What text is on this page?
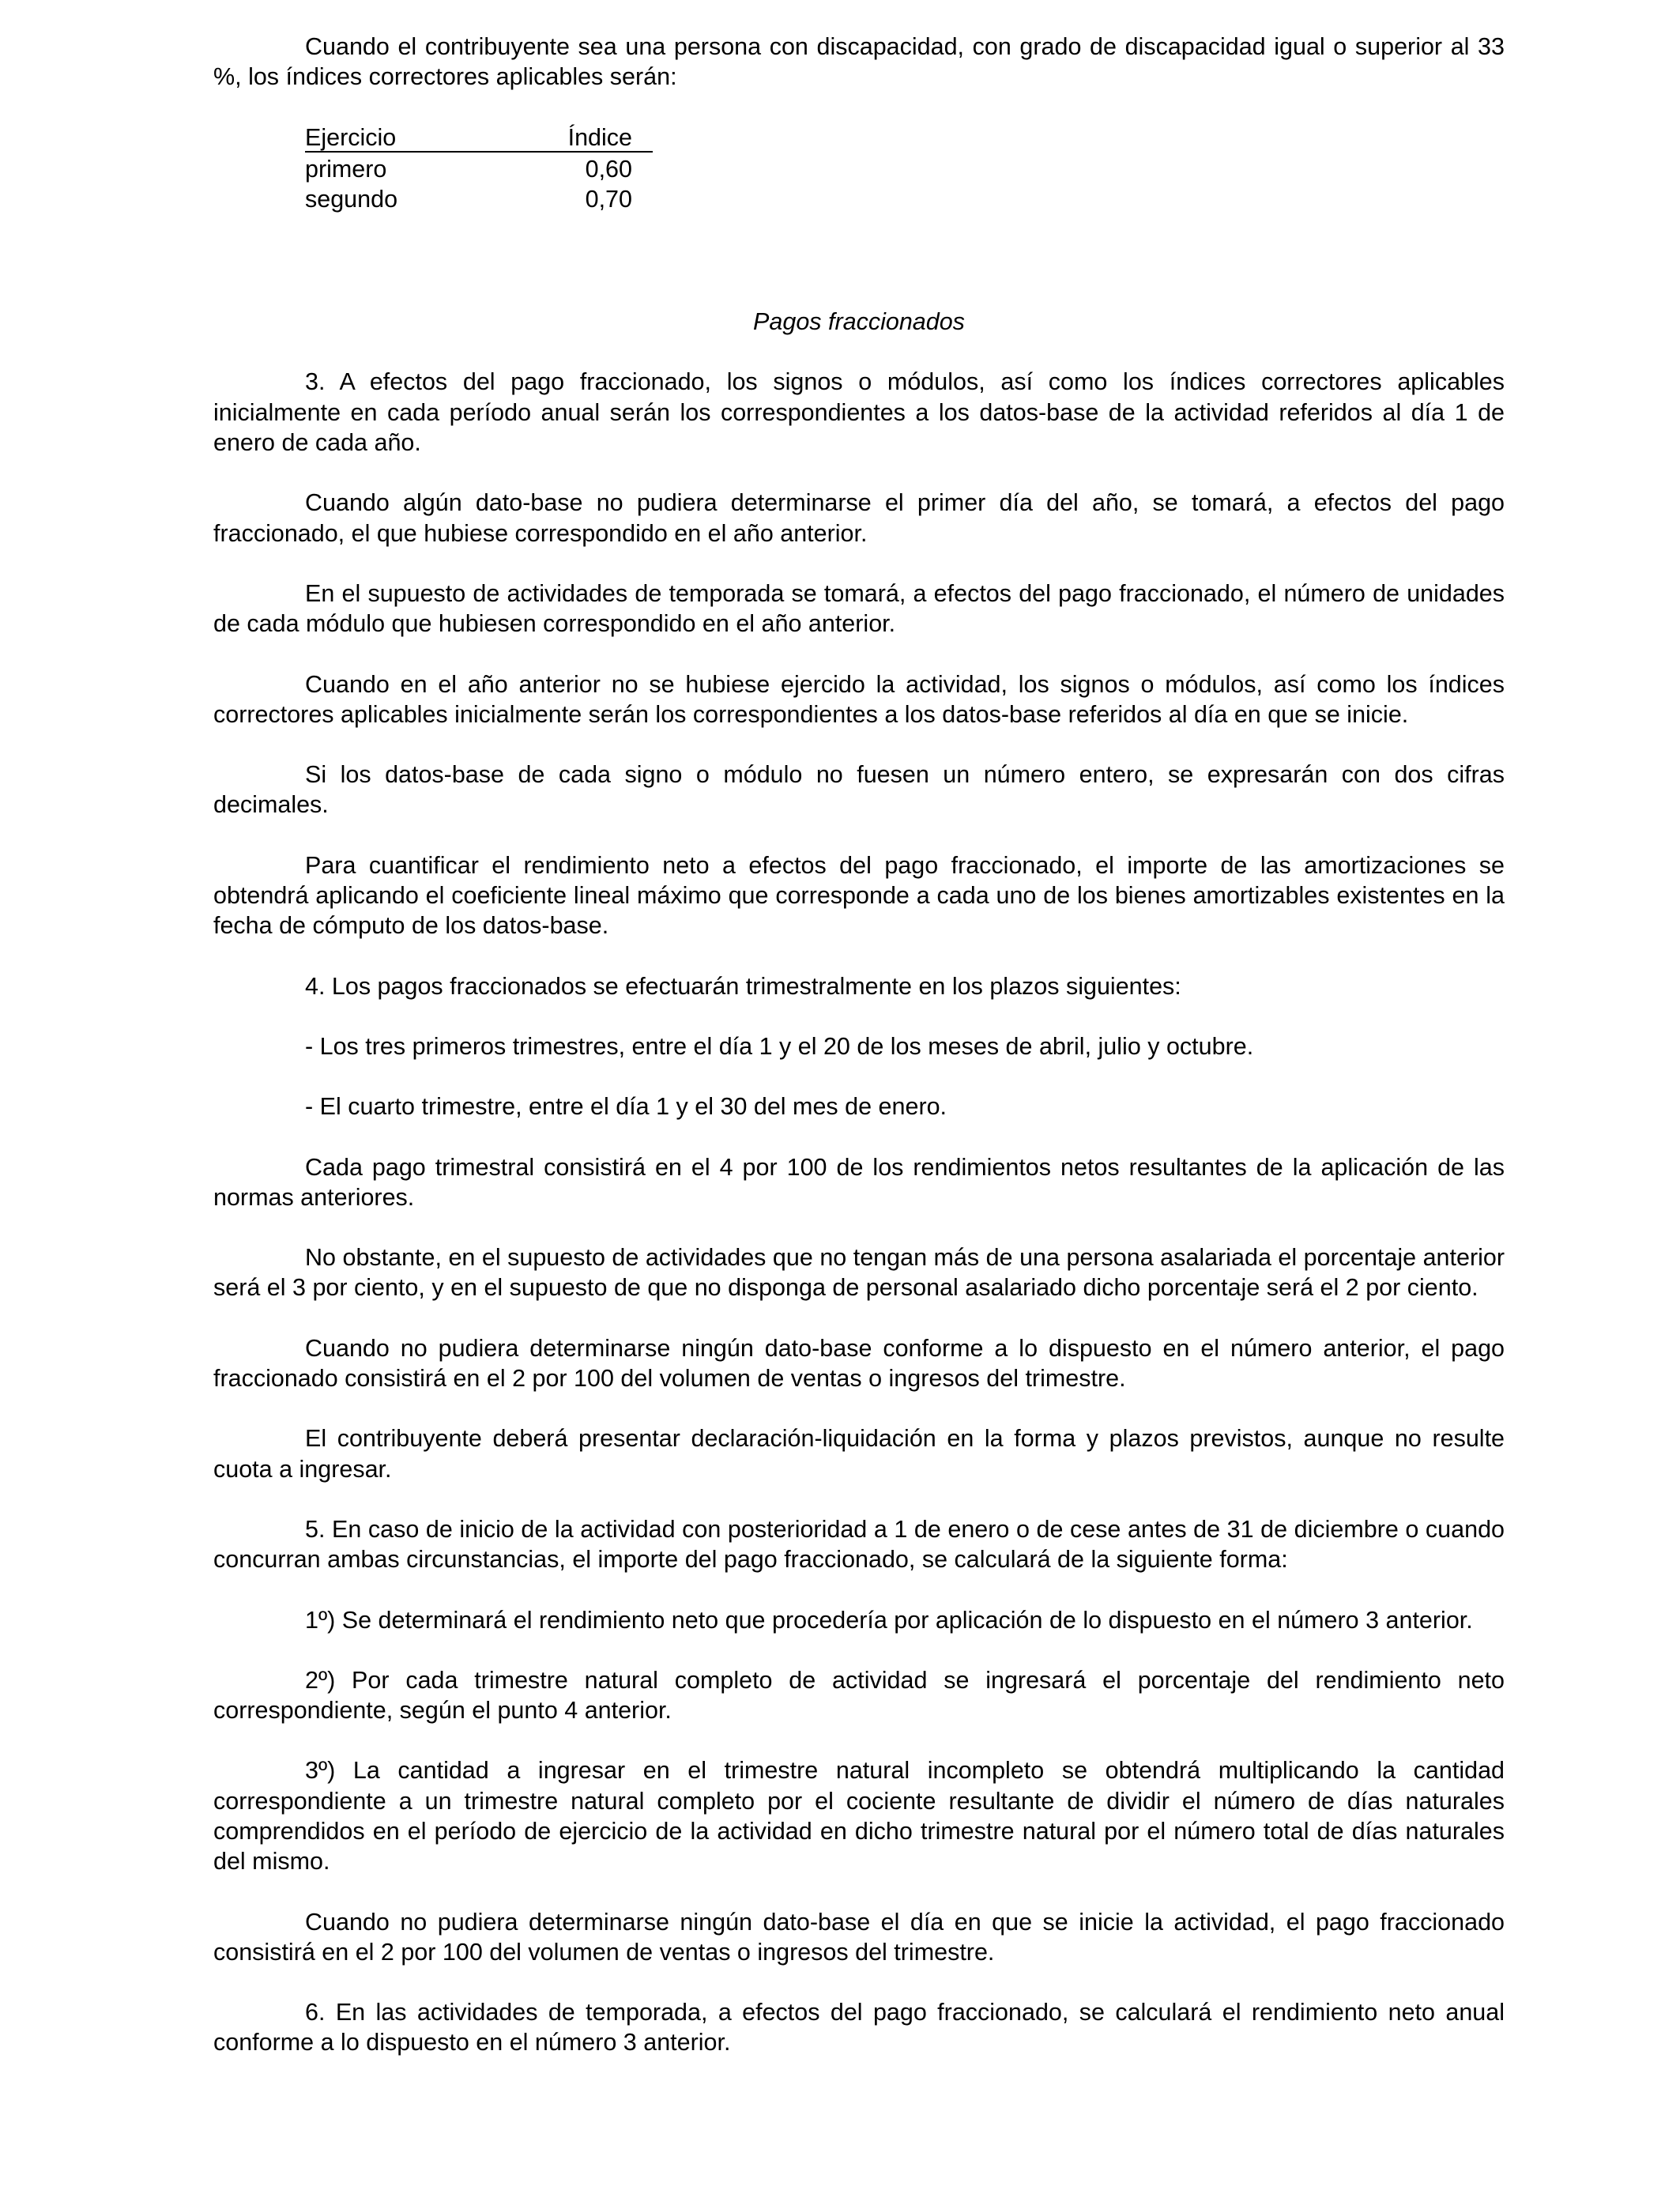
Cuando el contribuyente sea una persona con discapacidad, con grado de discapacidad igual o superior al 33 %, los índices correctores aplicables serán:

Ejercicio	Índice
primero	0,60
segundo	0,70
Pagos fraccionados

3. A efectos del pago fraccionado, los signos o módulos, así como los índices correctores aplicables inicialmente en cada período anual serán los correspondientes a los datos-base de la actividad referidos al día 1 de enero de cada año.

Cuando algún dato-base no pudiera determinarse el primer día del año, se tomará, a efectos del pago fraccionado, el que hubiese correspondido en el año anterior.

En el supuesto de actividades de temporada se tomará, a efectos del pago fraccionado, el número de unidades de cada módulo que hubiesen correspondido en el año anterior.

Cuando en el año anterior no se hubiese ejercido la actividad, los signos o módulos, así como los índices correctores aplicables inicialmente serán los correspondientes a los datos-base referidos al día en que se inicie.

Si los datos-base de cada signo o módulo no fuesen un número entero, se expresarán con dos cifras decimales.

Para cuantificar el rendimiento neto a efectos del pago fraccionado, el importe de las amortizaciones se obtendrá aplicando el coeficiente lineal máximo que corresponde a cada uno de los bienes amortizables existentes en la fecha de cómputo de los datos-base.

4. Los pagos fraccionados se efectuarán trimestralmente en los plazos siguientes:

- Los tres primeros trimestres, entre el día 1 y el 20 de los meses de abril, julio y octubre.

- El cuarto trimestre, entre el día 1 y el 30 del mes de enero.

Cada pago trimestral consistirá en el 4 por 100 de los rendimientos netos resultantes de la aplicación de las normas anteriores.

No obstante, en el supuesto de actividades que no tengan más de una persona asalariada el porcentaje anterior será el 3 por ciento, y en el supuesto de que no disponga de personal asalariado dicho porcentaje será el 2 por ciento.

Cuando no pudiera determinarse ningún dato-base conforme a lo dispuesto en el número anterior, el pago fraccionado consistirá en el 2 por 100 del volumen de ventas o ingresos del trimestre.

El contribuyente deberá presentar declaración-liquidación en la forma y plazos previstos, aunque no resulte cuota a ingresar.

5. En caso de inicio de la actividad con posterioridad a 1 de enero o de cese antes de 31 de diciembre o cuando concurran ambas circunstancias, el importe del pago fraccionado, se calculará de la siguiente forma:

1º) Se determinará el rendimiento neto que procedería por aplicación de lo dispuesto en el número 3 anterior.

2º) Por cada trimestre natural completo de actividad se ingresará el porcentaje del rendimiento neto correspondiente, según el punto 4 anterior.

3º) La cantidad a ingresar en el trimestre natural incompleto se obtendrá multiplicando la cantidad correspondiente a un trimestre natural completo por el cociente resultante de dividir el número de días naturales comprendidos en el período de ejercicio de la actividad en dicho trimestre natural por el número total de días naturales del mismo.

Cuando no pudiera determinarse ningún dato-base el día en que se inicie la actividad, el pago fraccionado consistirá en el 2 por 100 del volumen de ventas o ingresos del trimestre.

6. En las actividades de temporada, a efectos del pago fraccionado, se calculará el rendimiento neto anual conforme a lo dispuesto en el número 3 anterior.
